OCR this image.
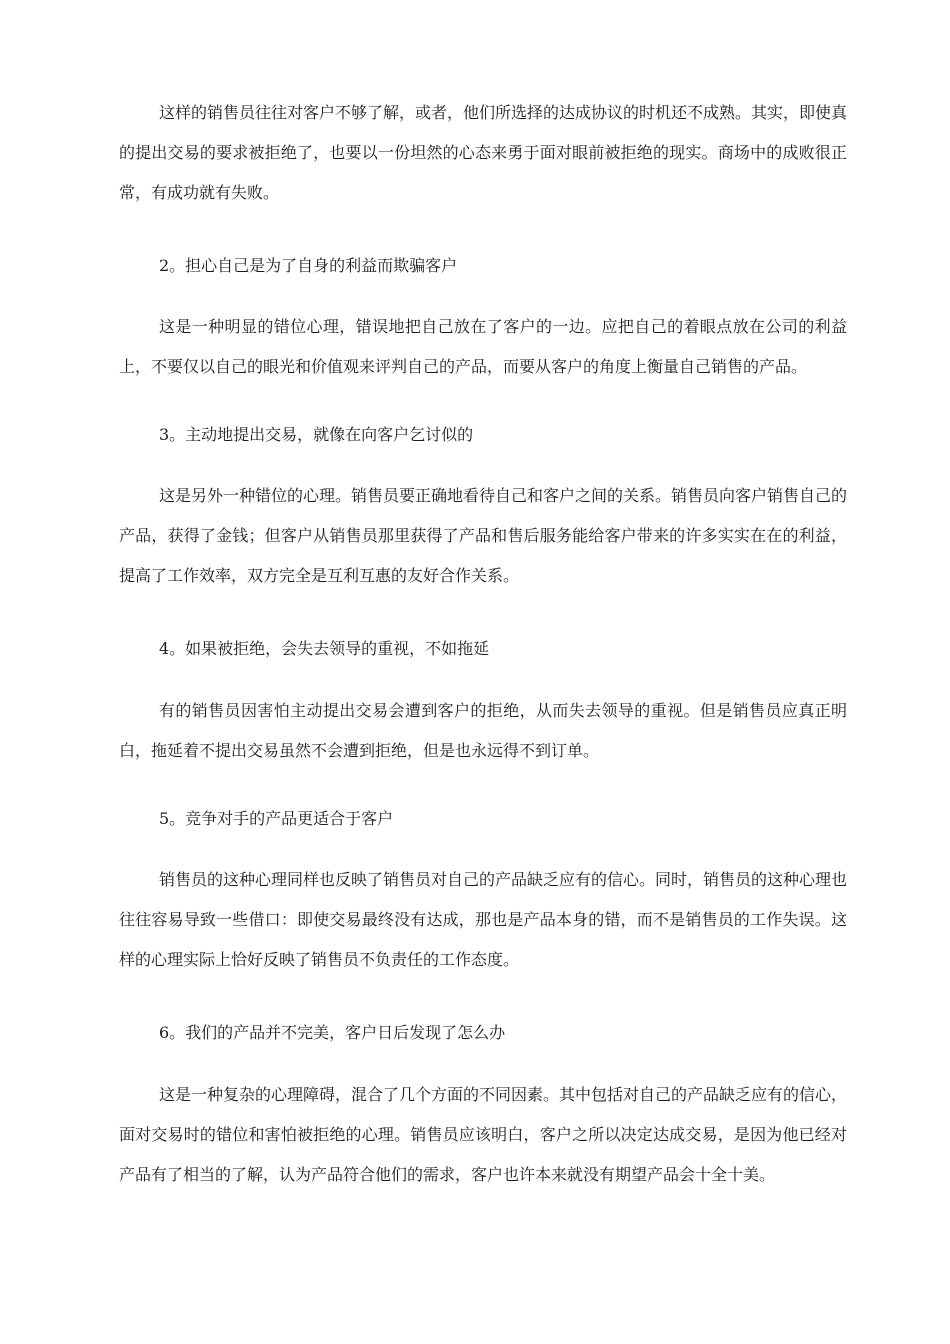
这样的销售员往往对客户不够了解，或者，他们所选择的达成协议的时机还不成熟。其实，即使真的提出交易的要求被拒绝了，也要以一份坦然的心态来勇于面对眼前被拒绝的现实。商场中的成败很正常，有成功就有失败。

2。担心自己是为了自身的利益而欺骗客户

这是一种明显的错位心理，错误地把自己放在了客户的一边。应把自己的着眼点放在公司的利益上，不要仅以自己的眼光和价值观来评判自己的产品，而要从客户的角度上衡量自己销售的产品。

3。主动地提出交易，就像在向客户乞讨似的

这是另外一种错位的心理。销售员要正确地看待自己和客户之间的关系。销售员向客户销售自己的产品，获得了金钱；但客户从销售员那里获得了产品和售后服务能给客户带来的许多实实在在的利益，提高了工作效率，双方完全是互利互惠的友好合作关系。

4。如果被拒绝，会失去领导的重视，不如拖延

有的销售员因害怕主动提出交易会遭到客户的拒绝，从而失去领导的重视。但是销售员应真正明白，拖延着不提出交易虽然不会遭到拒绝，但是也永远得不到订单。

5。竞争对手的产品更适合于客户

销售员的这种心理同样也反映了销售员对自己的产品缺乏应有的信心。同时，销售员的这种心理也往往容易导致一些借口：即使交易最终没有达成，那也是产品本身的错，而不是销售员的工作失误。这样的心理实际上恰好反映了销售员不负责任的工作态度。

6。我们的产品并不完美，客户日后发现了怎么办

这是一种复杂的心理障碍，混合了几个方面的不同因素。其中包括对自己的产品缺乏应有的信心，面对交易时的错位和害怕被拒绝的心理。销售员应该明白，客户之所以决定达成交易，是因为他已经对产品有了相当的了解，认为产品符合他们的需求，客户也许本来就没有期望产品会十全十美。
